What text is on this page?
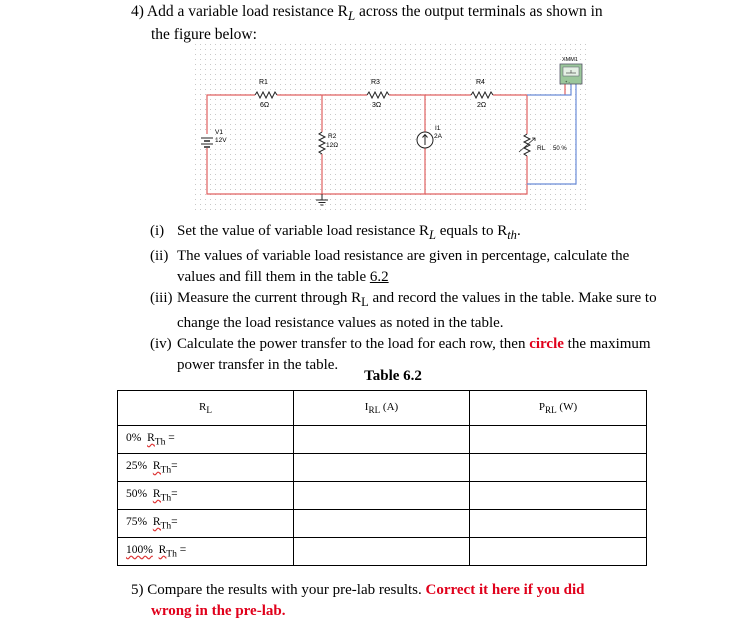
4) Add a variable load resistance $R_L$ across the output terminals as shown in
the figure below:
R1
6Ω
R3
3Ω
R4
2Ω
V1
12V
R2
12Ω
I1
2A
RL 50 %
XMM1
+ -
(i) Set the value of variable load resistance $R_L$ equals to $R_{th}$.
(ii) The values of variable load resistance are given in percentage, calculate the values and fill them in the table 6.2
(iii) Measure the current through $R_L$ and record the values in the table. Make sure to change the load resistance values as noted in the table.
(iv) Calculate the power transfer to the load for each row, then circle the maximum power transfer in the table.
Table 6.2
$R_L$	$I_{RL}$ (A)	$P_{RL}$ (W)
0% $R_{Th}$ =		
25% $R_{Th}=$		
50% $R_{Th}=$		
75% $R_{Th}=$		
100% $R_{Th}$ =		
5) Compare the results with your pre-lab results. Correct it here if you did
wrong in the pre-lab.
